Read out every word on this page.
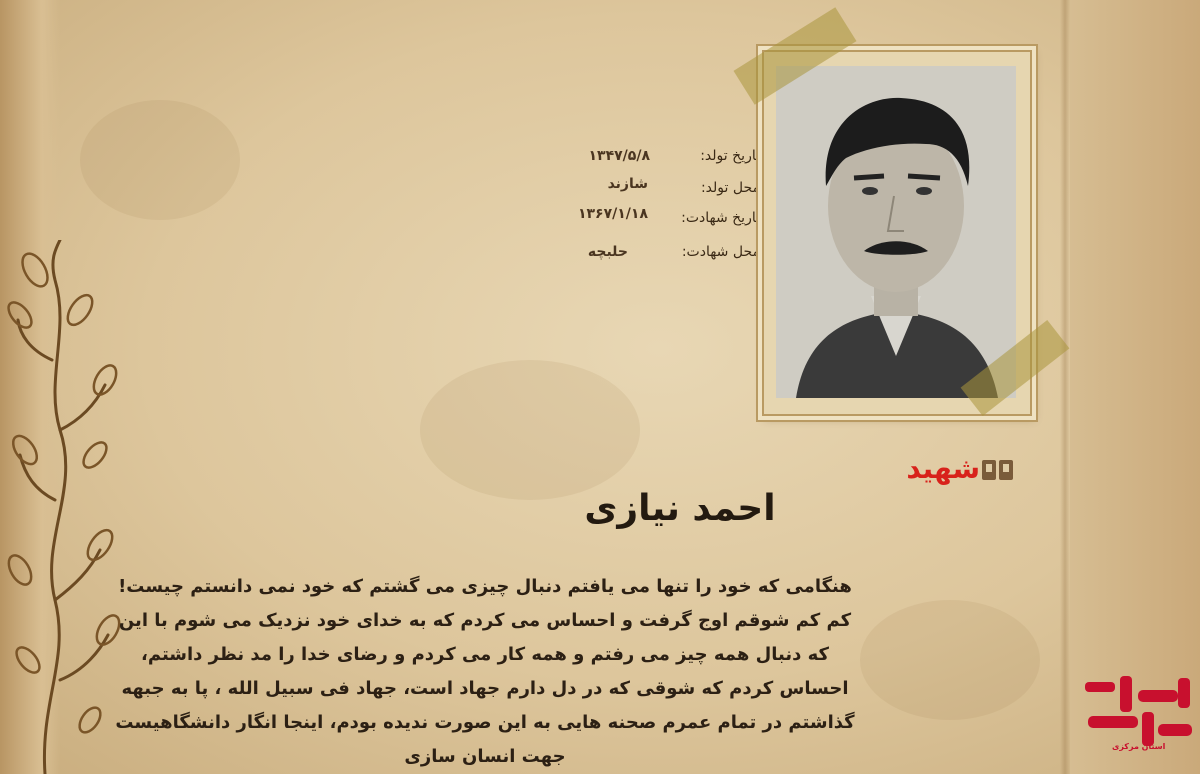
تاریخ تولد:
۱۳۴۷/۵/۸
محل تولد:
شازند
تاریخ شهادت:
۱۳۶۷/۱/۱۸
محل شهادت:
حلبچه
شهید
احمد نیازی
هنگامی که خود را تنها می یافتم دنبال چیزی می گشتم که خود نمی دانستم چیست! کم کم شوقم اوج گرفت و احساس می کردم که به خدای خود نزدیک می شوم با این که دنبال همه چیز می رفتم و همه کار می کردم و رضای خدا را مد نظر داشتم، احساس کردم که شوقی که در دل دارم جهاد است، جهاد فی سبیل الله ، پا به جبهه گذاشتم در تمام عمرم صحنه هایی به این صورت ندیده بودم، اینجا انگار دانشگاهیست جهت انسان سازی	استان مرکزی
